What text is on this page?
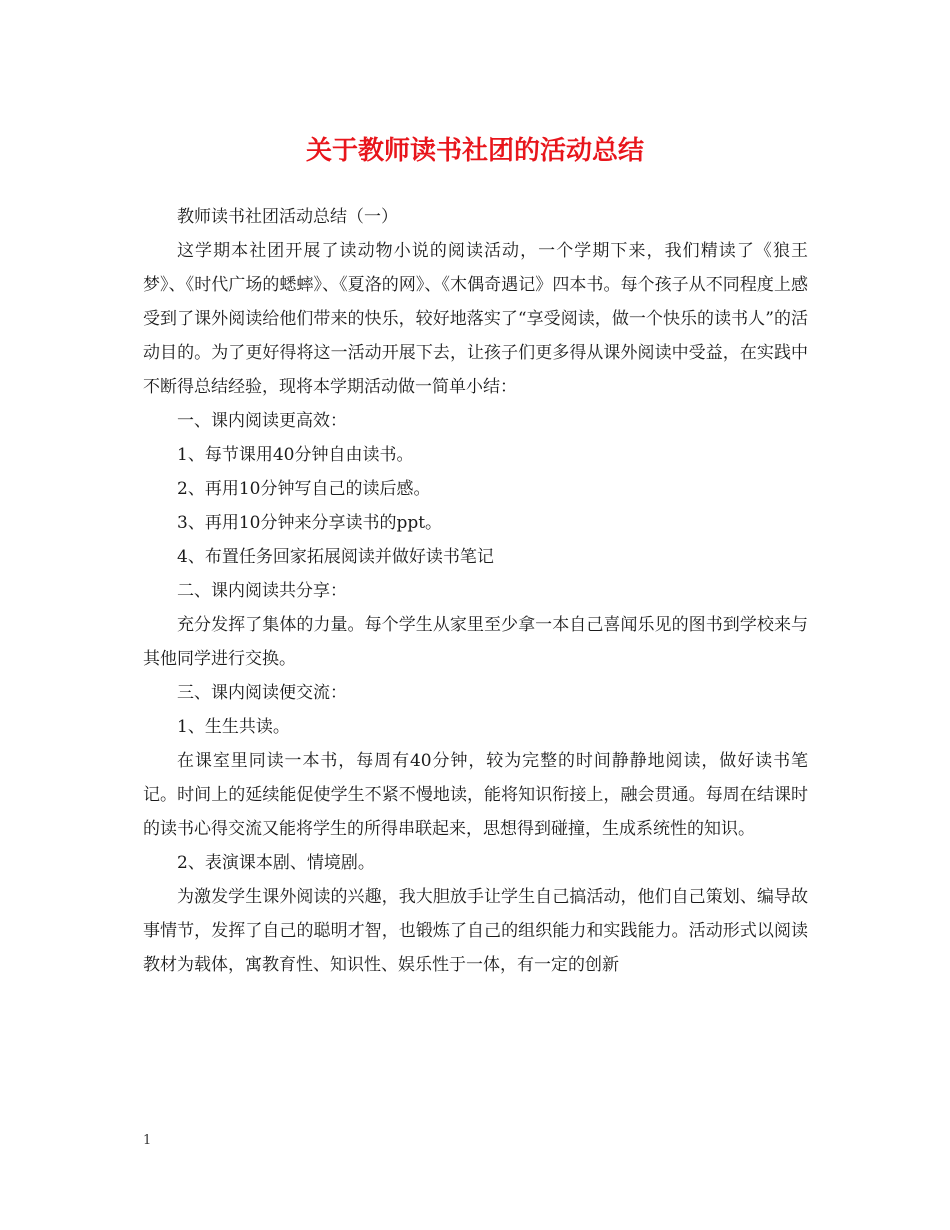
关于教师读书社团的活动总结

教师读书社团活动总结（一）

这学期本社团开展了读动物小说的阅读活动，一个学期下来，我们精读了《狼王梦》、《时代广场的蟋蟀》、《夏洛的网》、《木偶奇遇记》四本书。每个孩子从不同程度上感受到了课外阅读给他们带来的快乐，较好地落实了“享受阅读，做一个快乐的读书人”的活动目的。为了更好得将这一活动开展下去，让孩子们更多得从课外阅读中受益，在实践中不断得总结经验，现将本学期活动做一简单小结：

一、课内阅读更高效：

1、每节课用40分钟自由读书。

2、再用10分钟写自己的读后感。

3、再用10分钟来分享读书的ppt。

4、布置任务回家拓展阅读并做好读书笔记

二、课内阅读共分享：

充分发挥了集体的力量。每个学生从家里至少拿一本自己喜闻乐见的图书到学校来与其他同学进行交换。

三、课内阅读便交流：

1、生生共读。

在课室里同读一本书，每周有40分钟，较为完整的时间静静地阅读，做好读书笔记。时间上的延续能促使学生不紧不慢地读，能将知识衔接上，融会贯通。每周在结课时的读书心得交流又能将学生的所得串联起来，思想得到碰撞，生成系统性的知识。

2、表演课本剧、情境剧。

为激发学生课外阅读的兴趣，我大胆放手让学生自己搞活动，他们自己策划、编导故事情节，发挥了自己的聪明才智，也锻炼了自己的组织能力和实践能力。活动形式以阅读教材为载体，寓教育性、知识性、娱乐性于一体，有一定的创新

1
